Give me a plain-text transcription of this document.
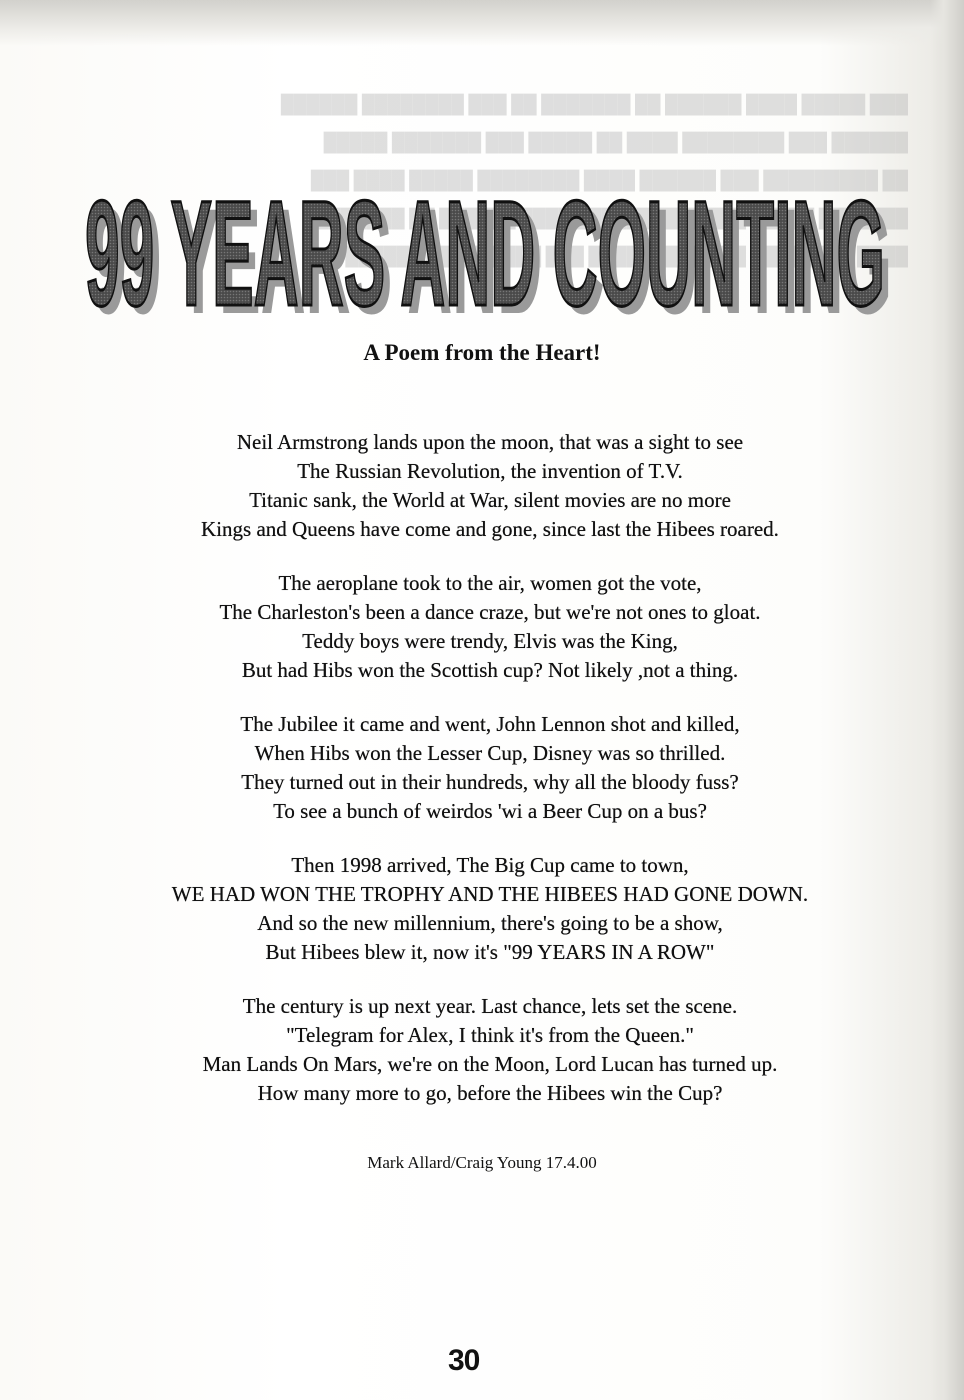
███ █████ ████ ██████ ██ ███████ ██ ███ ████████ ██████

██████ ███ ████████ ████ ██ █████ ███ ███████ █████

██ █████████ ███ ██████ ████ ████████ █████ ████ ███

███████ █████ ███ ██████████ ████ ██████ ██ ███████

████ ████████ █████ ███████ ███ █████████ ██████

99 YEARS AND COUNTING
99 YEARS AND COUNTING
A Poem from the Heart!
Neil Armstrong lands upon the moon, that was a sight to see
The Russian Revolution, the invention of T.V.
Titanic sank, the World at War, silent movies are no more
Kings and Queens have come and gone, since last the Hibees roared.
The aeroplane took to the air, women got the vote,
The Charleston's been a dance craze, but we're not ones to gloat.
Teddy boys were trendy, Elvis was the King,
But had Hibs won the Scottish cup? Not likely ,not a thing.
The Jubilee it came and went, John Lennon shot and killed,
When Hibs won the Lesser Cup, Disney was so thrilled.
They turned out in their hundreds, why all the bloody fuss?
To see a bunch of weirdos 'wi a Beer Cup on a bus?
Then 1998 arrived, The Big Cup came to town,
WE HAD WON THE TROPHY AND THE HIBEES HAD GONE DOWN.
And so the new millennium, there's going to be a show,
But Hibees blew it, now it's "99 YEARS IN A ROW"
The century is up next year. Last chance, lets set the scene.
"Telegram for Alex, I think it's from the Queen."
Man Lands On Mars, we're on the Moon, Lord Lucan has turned up.
How many more to go, before the Hibees win the Cup?
Mark Allard/Craig Young 17.4.00
30
